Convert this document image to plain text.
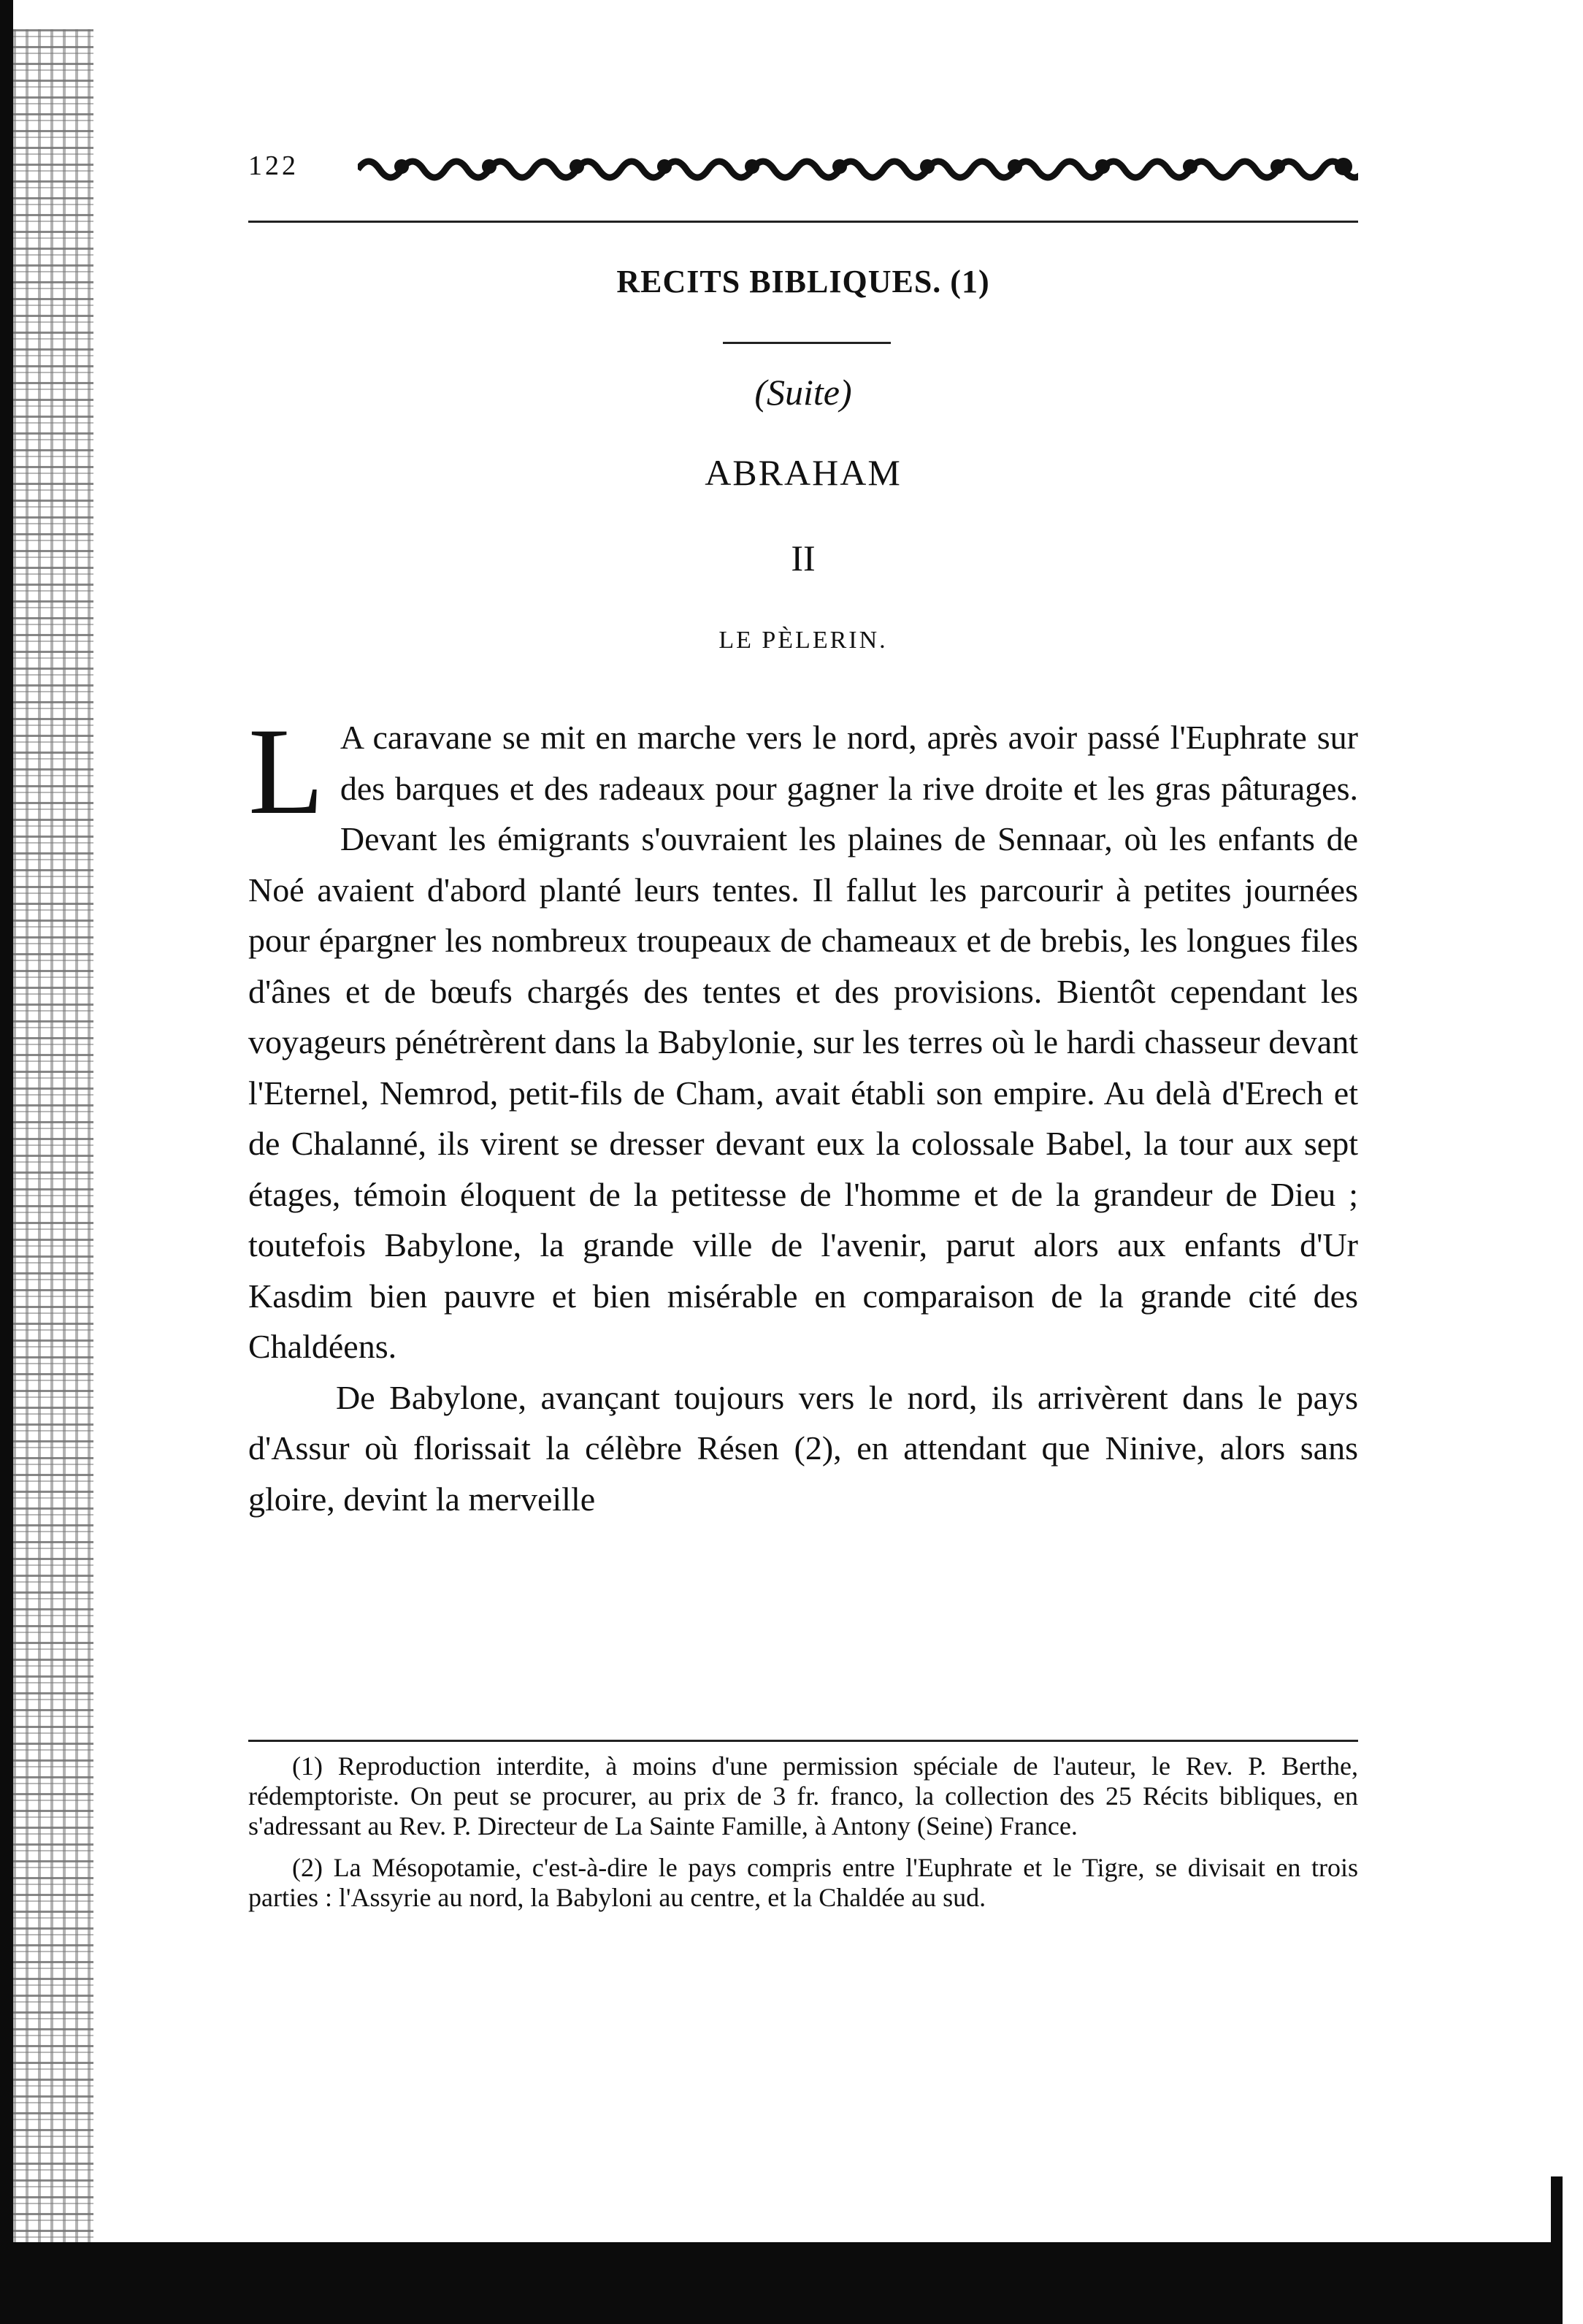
122
RECITS BIBLIQUES. (1)
(Suite)
ABRAHAM
II
LE PÈLERIN.

L A caravane se mit en marche vers le nord, après avoir passé l'Euphrate sur des barques et des radeaux pour gagner la rive droite et les gras pâturages. Devant les émigrants s'ouvraient les plaines de Sennaar, où les enfants de Noé avaient d'abord planté leurs tentes. Il fallut les parcourir à petites journées pour épargner les nombreux troupeaux de chameaux et de brebis, les longues files d'ânes et de bœufs chargés des tentes et des provisions. Bientôt cependant les voyageurs pénétrèrent dans la Babylonie, sur les terres où le hardi chasseur devant l'Eternel, Nemrod, petit-fils de Cham, avait établi son empire. Au delà d'Erech et de Chalanné, ils virent se dresser devant eux la colossale Babel, la tour aux sept étages, témoin éloquent de la petitesse de l'homme et de la grandeur de Dieu ; toutefois Babylone, la grande ville de l'avenir, parut alors aux enfants d'Ur Kasdim bien pauvre et bien misérable en comparaison de la grande cité des Chaldéens.

De Babylone, avançant toujours vers le nord, ils arrivèrent dans le pays d'Assur où florissait la célèbre Résen (2), en attendant que Ninive, alors sans gloire, devint la merveille

(1) Reproduction interdite, à moins d'une permission spéciale de l'auteur, le Rev. P. Berthe, rédemptoriste. On peut se procurer, au prix de 3 fr. franco, la collection des 25 Récits bibliques, en s'adressant au Rev. P. Directeur de La Sainte Famille, à Antony (Seine) France.

(2) La Mésopotamie, c'est-à-dire le pays compris entre l'Euphrate et le Tigre, se divisait en trois parties : l'Assyrie au nord, la Babyloni au centre, et la Chaldée au sud.
